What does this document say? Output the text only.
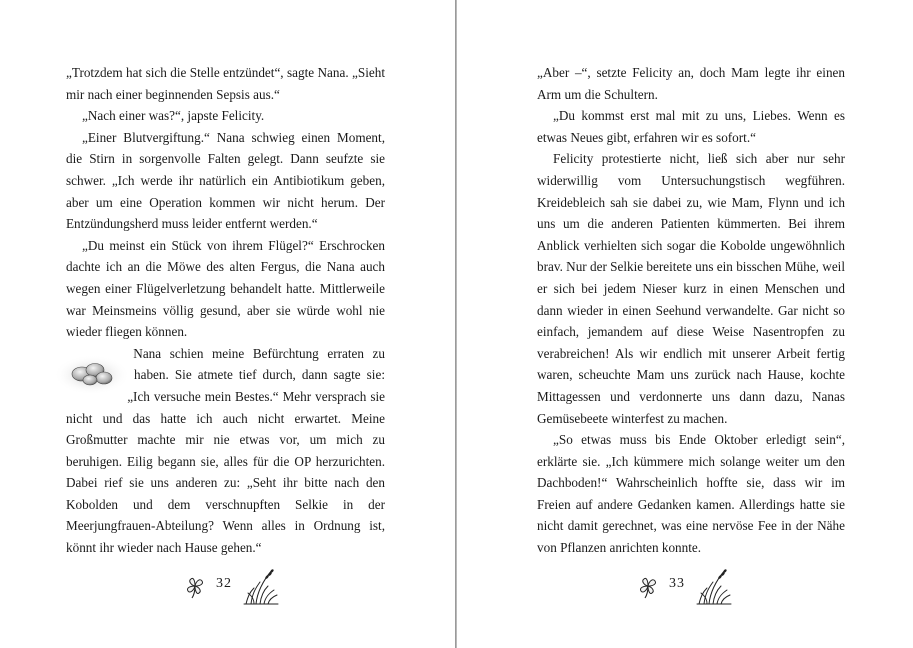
„Trotzdem hat sich die Stelle entzündet“, sagte Nana. „Sieht mir nach einer beginnenden Sepsis aus.“

„Nach einer was?“, japste Felicity.

„Einer Blutvergiftung.“ Nana schwieg einen Moment, die Stirn in sorgenvolle Falten gelegt. Dann seufzte sie schwer. „Ich werde ihr natürlich ein Antibiotikum geben, aber um eine Operation kommen wir nicht herum. Der Entzündungsherd muss leider entfernt werden.“

„Du meinst ein Stück von ihrem Flügel?“ Erschrocken dachte ich an die Möwe des alten Fergus, die Nana auch wegen einer Flügelverletzung behandelt hatte. Mittlerweile war Meinsmeins völlig gesund, aber sie würde wohl nie wieder fliegen können.

Nana schien meine Befürchtung erraten zu haben. Sie atmete tief durch, dann sagte sie: „Ich versuche mein Bestes.“ Mehr versprach sie nicht und das hatte ich auch nicht erwartet. Meine Großmutter machte mir nie etwas vor, um mich zu beruhigen. Eilig begann sie, alles für die OP herzurichten. Dabei rief sie uns anderen zu: „Seht ihr bitte nach den Kobolden und dem verschnupften Selkie in der Meerjungfrauen-Abteilung? Wenn alles in Ordnung ist, könnt ihr wieder nach Hause gehen.“

32

„Aber –“, setzte Felicity an, doch Mam legte ihr einen Arm um die Schultern.

„Du kommst erst mal mit zu uns, Liebes. Wenn es etwas Neues gibt, erfahren wir es sofort.“

Felicity protestierte nicht, ließ sich aber nur sehr widerwillig vom Untersuchungstisch wegführen. Kreidebleich sah sie dabei zu, wie Mam, Flynn und ich uns um die anderen Patienten kümmerten. Bei ihrem Anblick verhielten sich sogar die Kobolde ungewöhnlich brav. Nur der Selkie bereitete uns ein bisschen Mühe, weil er sich bei jedem Nieser kurz in einen Menschen und dann wieder in einen Seehund verwandelte. Gar nicht so einfach, jemandem auf diese Weise Nasentropfen zu verabreichen! Als wir endlich mit unserer Arbeit fertig waren, scheuchte Mam uns zurück nach Hause, kochte Mittagessen und verdonnerte uns dann dazu, Nanas Gemüsebeete winterfest zu machen.

„So etwas muss bis Ende Oktober erledigt sein“, erklärte sie. „Ich kümmere mich solange weiter um den Dachboden!“ Wahrscheinlich hoffte sie, dass wir im Freien auf andere Gedanken kamen. Allerdings hatte sie nicht damit gerechnet, was eine nervöse Fee in der Nähe von Pflanzen anrichten konnte.

33
